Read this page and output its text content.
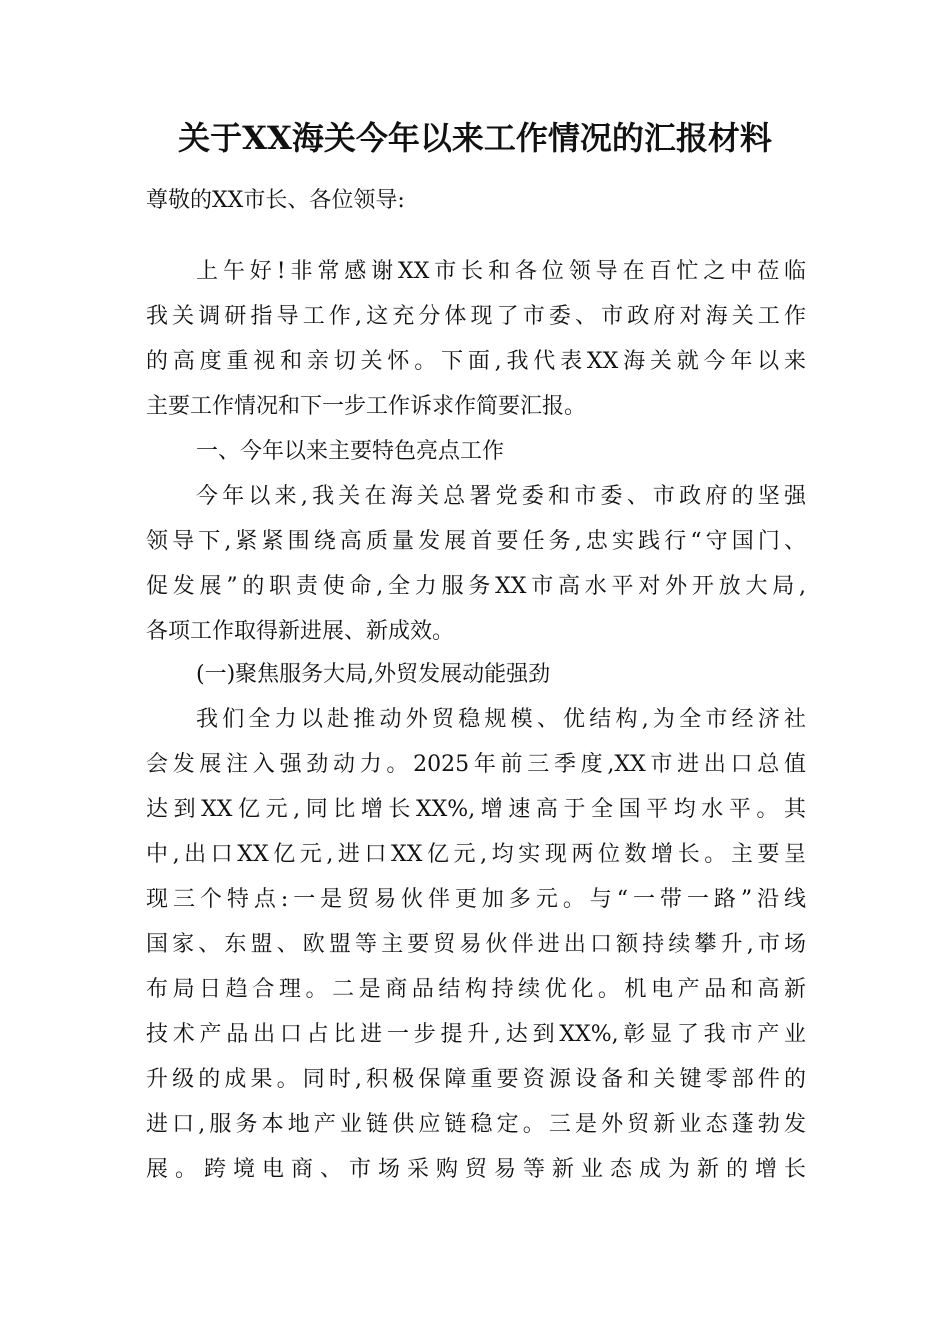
关于XX海关今年以来工作情况的汇报材料
尊敬的XX市长、各位领导:
上午好!非常感谢XX市长和各位领导在百忙之中莅临
我关调研指导工作,这充分体现了市委、市政府对海关工作
的高度重视和亲切关怀。下面,我代表XX海关就今年以来
主要工作情况和下一步工作诉求作简要汇报。
一、今年以来主要特色亮点工作
今年以来,我关在海关总署党委和市委、市政府的坚强
领导下,紧紧围绕高质量发展首要任务,忠实践行“守国门、
促发展”的职责使命,全力服务XX市高水平对外开放大局,
各项工作取得新进展、新成效。
(一)聚焦服务大局,外贸发展动能强劲
我们全力以赴推动外贸稳规模、优结构,为全市经济社
会发展注入强劲动力。2025年前三季度,XX市进出口总值
达到XX亿元,同比增长XX%,增速高于全国平均水平。其
中,出口XX亿元,进口XX亿元,均实现两位数增长。主要呈
现三个特点:一是贸易伙伴更加多元。与“一带一路”沿线
国家、东盟、欧盟等主要贸易伙伴进出口额持续攀升,市场
布局日趋合理。二是商品结构持续优化。机电产品和高新
技术产品出口占比进一步提升,达到XX%,彰显了我市产业
升级的成果。同时,积极保障重要资源设备和关键零部件的
进口,服务本地产业链供应链稳定。三是外贸新业态蓬勃发
展。跨境电商、市场采购贸易等新业态成为新的增长
